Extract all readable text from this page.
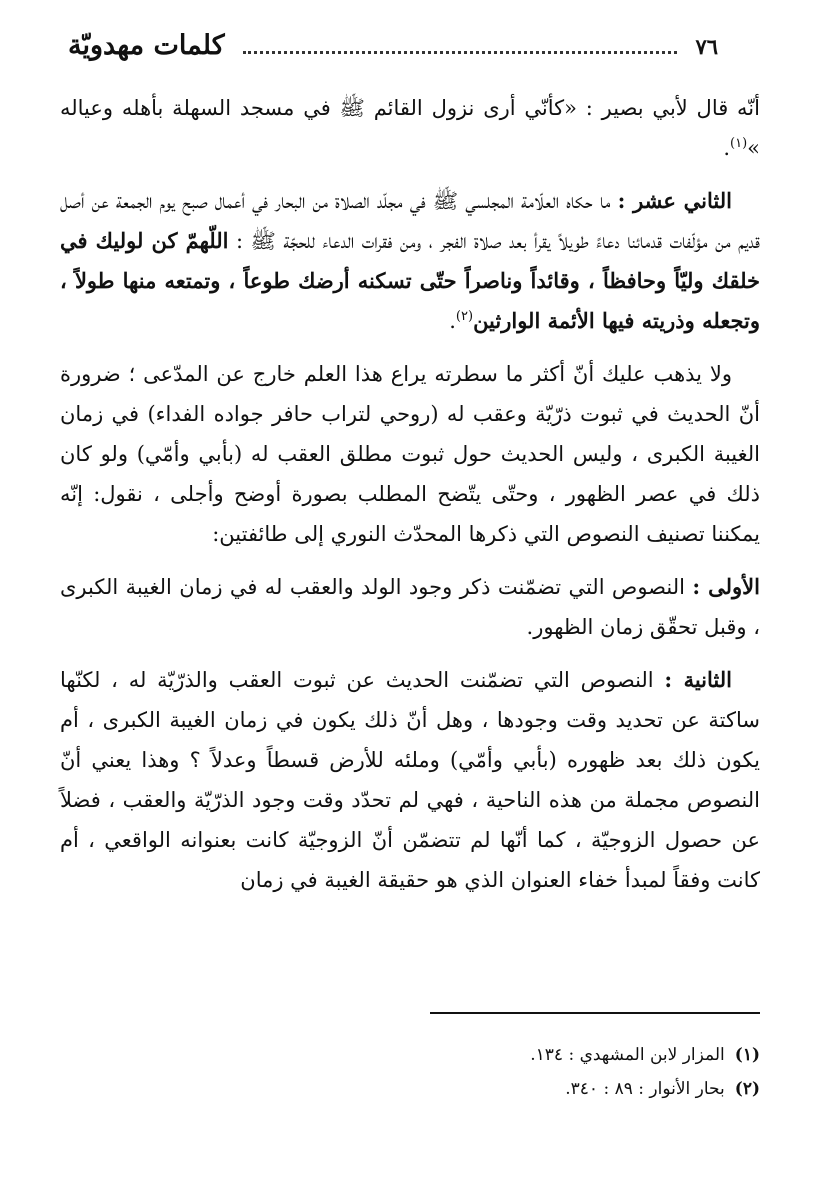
٧٦
كلمات مهدويّة

أنّه قال لأبي بصير : «كأنّي أرى نزول القائم ﷺ في مسجد السهلة بأهله وعياله »$^{(١)}$.

الثاني عشر : ما حكاه العلّامة المجلسي ﷺ في مجلّد الصلاة من البحار في أعمال صبح يوم الجمعة عن أصل قديم من مؤلّفات قدمائنا دعاءً طويلاً يقرأ بعد صلاة الفجر ، ومن فقرات الدعاء للحجّة ﷺ : اللّهمّ كن لوليك في خلقك وليّاً وحافظاً ، وقائداً وناصراً حتّى تسكنه أرضك طوعاً ، وتمتعه منها طولاً ، وتجعله وذريته فيها الأئمة الوارثين$^{(٢)}$.

ولا يذهب عليك أنّ أكثر ما سطرته يراع هذا العلم خارج عن المدّعى ؛ ضرورة أنّ الحديث في ثبوت ذرّيّة وعقب له (روحي لتراب حافر جواده الفداء) في زمان الغيبة الكبرى ، وليس الحديث حول ثبوت مطلق العقب له (بأبي وأمّي) ولو كان ذلك في عصر الظهور ، وحتّى يتّضح المطلب بصورة أوضح وأجلى ، نقول: إنّه يمكننا تصنيف النصوص التي ذكرها المحدّث النوري إلى طائفتين:

الأولى : النصوص التي تضمّنت ذكر وجود الولد والعقب له في زمان الغيبة الكبرى ، وقبل تحقّق زمان الظهور.

الثانية : النصوص التي تضمّنت الحديث عن ثبوت العقب والذرّيّة له ، لكنّها ساكتة عن تحديد وقت وجودها ، وهل أنّ ذلك يكون في زمان الغيبة الكبرى ، أم يكون ذلك بعد ظهوره (بأبي وأمّي) وملئه للأرض قسطاً وعدلاً ؟ وهذا يعني أنّ النصوص مجملة من هذه الناحية ، فهي لم تحدّد وقت وجود الذرّيّة والعقب ، فضلاً عن حصول الزوجيّة ، كما أنّها لم تتضمّن أنّ الزوجيّة كانت بعنوانه الواقعي ، أم كانت وفقاً لمبدأ خفاء العنوان الذي هو حقيقة الغيبة في زمان

(١)
المزار لابن المشهدي : ١٣٤.
(٢)
بحار الأنوار : ٨٩ : ٣٤٠.
